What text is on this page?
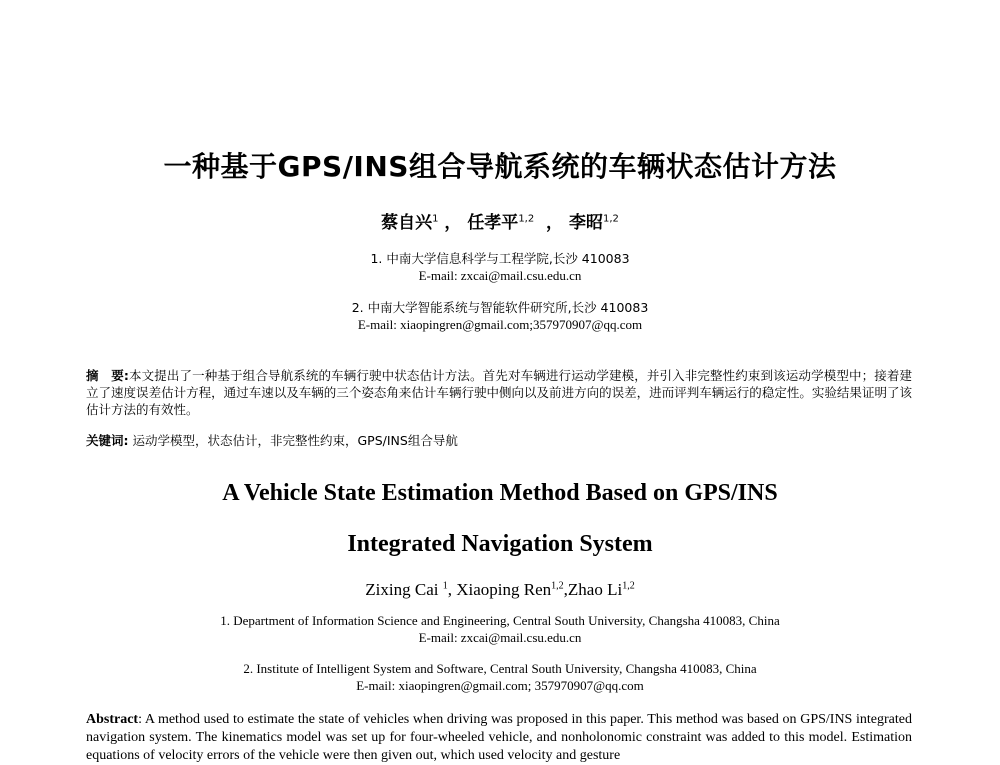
一种基于GPS/INS组合导航系统的车辆状态估计方法
蔡自兴$^1$ ， 任孝平$^{1,2}$  ， 李昭$^{1,2}$
1. 中南大学信息科学与工程学院,长沙 410083
E-mail: zxcai@mail.csu.edu.cn
2. 中南大学智能系统与智能软件研究所,长沙 410083
E-mail: xiaopingren@gmail.com;357970907@qq.com
摘　要:本文提出了一种基于组合导航系统的车辆行驶中状态估计方法。首先对车辆进行运动学建模，并引入非完整性约束到该运动学模型中；接着建立了速度误差估计方程，通过车速以及车辆的三个姿态角来估计车辆行驶中侧向以及前进方向的误差，进而评判车辆运行的稳定性。实验结果证明了该估计方法的有效性。
关键词: 运动学模型，状态估计，非完整性约束，GPS/INS组合导航
A Vehicle State Estimation Method Based on GPS/INS
Integrated Navigation System
Zixing Cai $^1$, Xiaoping Ren$^{1,2}$,Zhao Li$^{1,2}$
1. Department of Information Science and Engineering, Central South University, Changsha 410083, China
E-mail: zxcai@mail.csu.edu.cn
2. Institute of Intelligent System and Software, Central South University, Changsha 410083, China
E-mail: xiaopingren@gmail.com; 357970907@qq.com
Abstract: A method used to estimate the state of vehicles when driving was proposed in this paper. This method was based on GPS/INS integrated navigation system. The kinematics model was set up for four-wheeled vehicle, and nonholonomic constraint was added to this model. Estimation equations of velocity errors of the vehicle were then given out, which used velocity and gesture
